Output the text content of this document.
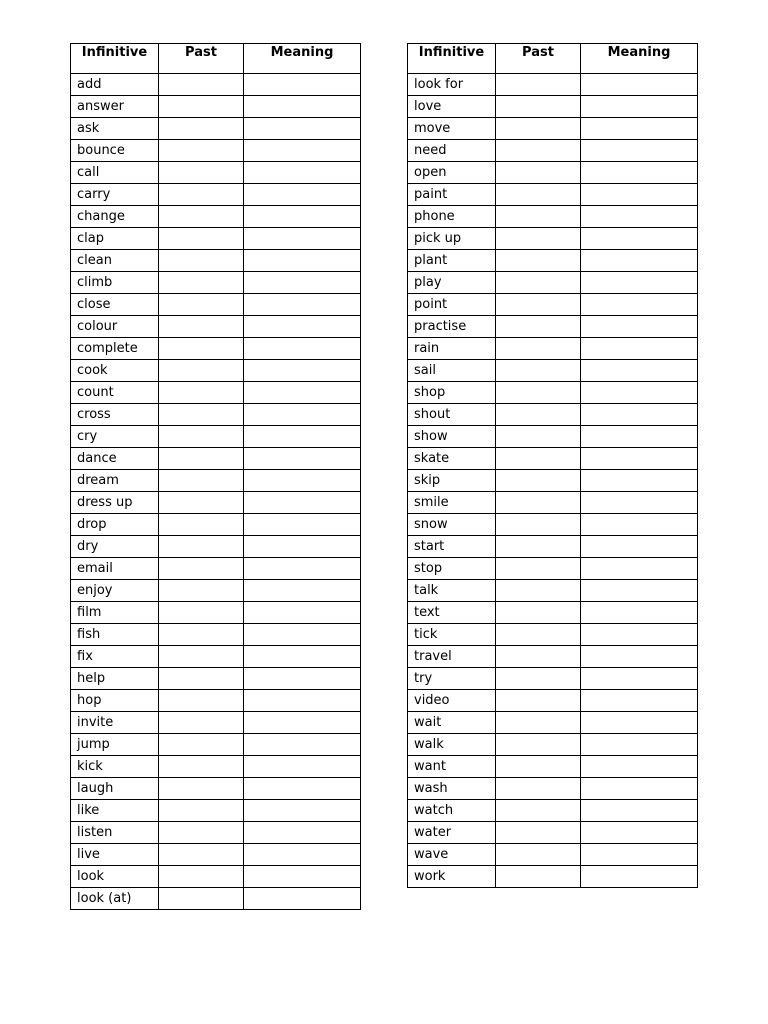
Infinitive	Past	Meaning
add		
answer		
ask		
bounce		
call		
carry		
change		
clap		
clean		
climb		
close		
colour		
complete		
cook		
count		
cross		
cry		
dance		
dream		
dress up		
drop		
dry		
email		
enjoy		
film		
fish		
fix		
help		
hop		
invite		
jump		
kick		
laugh		
like		
listen		
live		
look		
look (at)		
Infinitive	Past	Meaning
look for		
love		
move		
need		
open		
paint		
phone		
pick up		
plant		
play		
point		
practise		
rain		
sail		
shop		
shout		
show		
skate		
skip		
smile		
snow		
start		
stop		
talk		
text		
tick		
travel		
try		
video		
wait		
walk		
want		
wash		
watch		
water		
wave		
work		
